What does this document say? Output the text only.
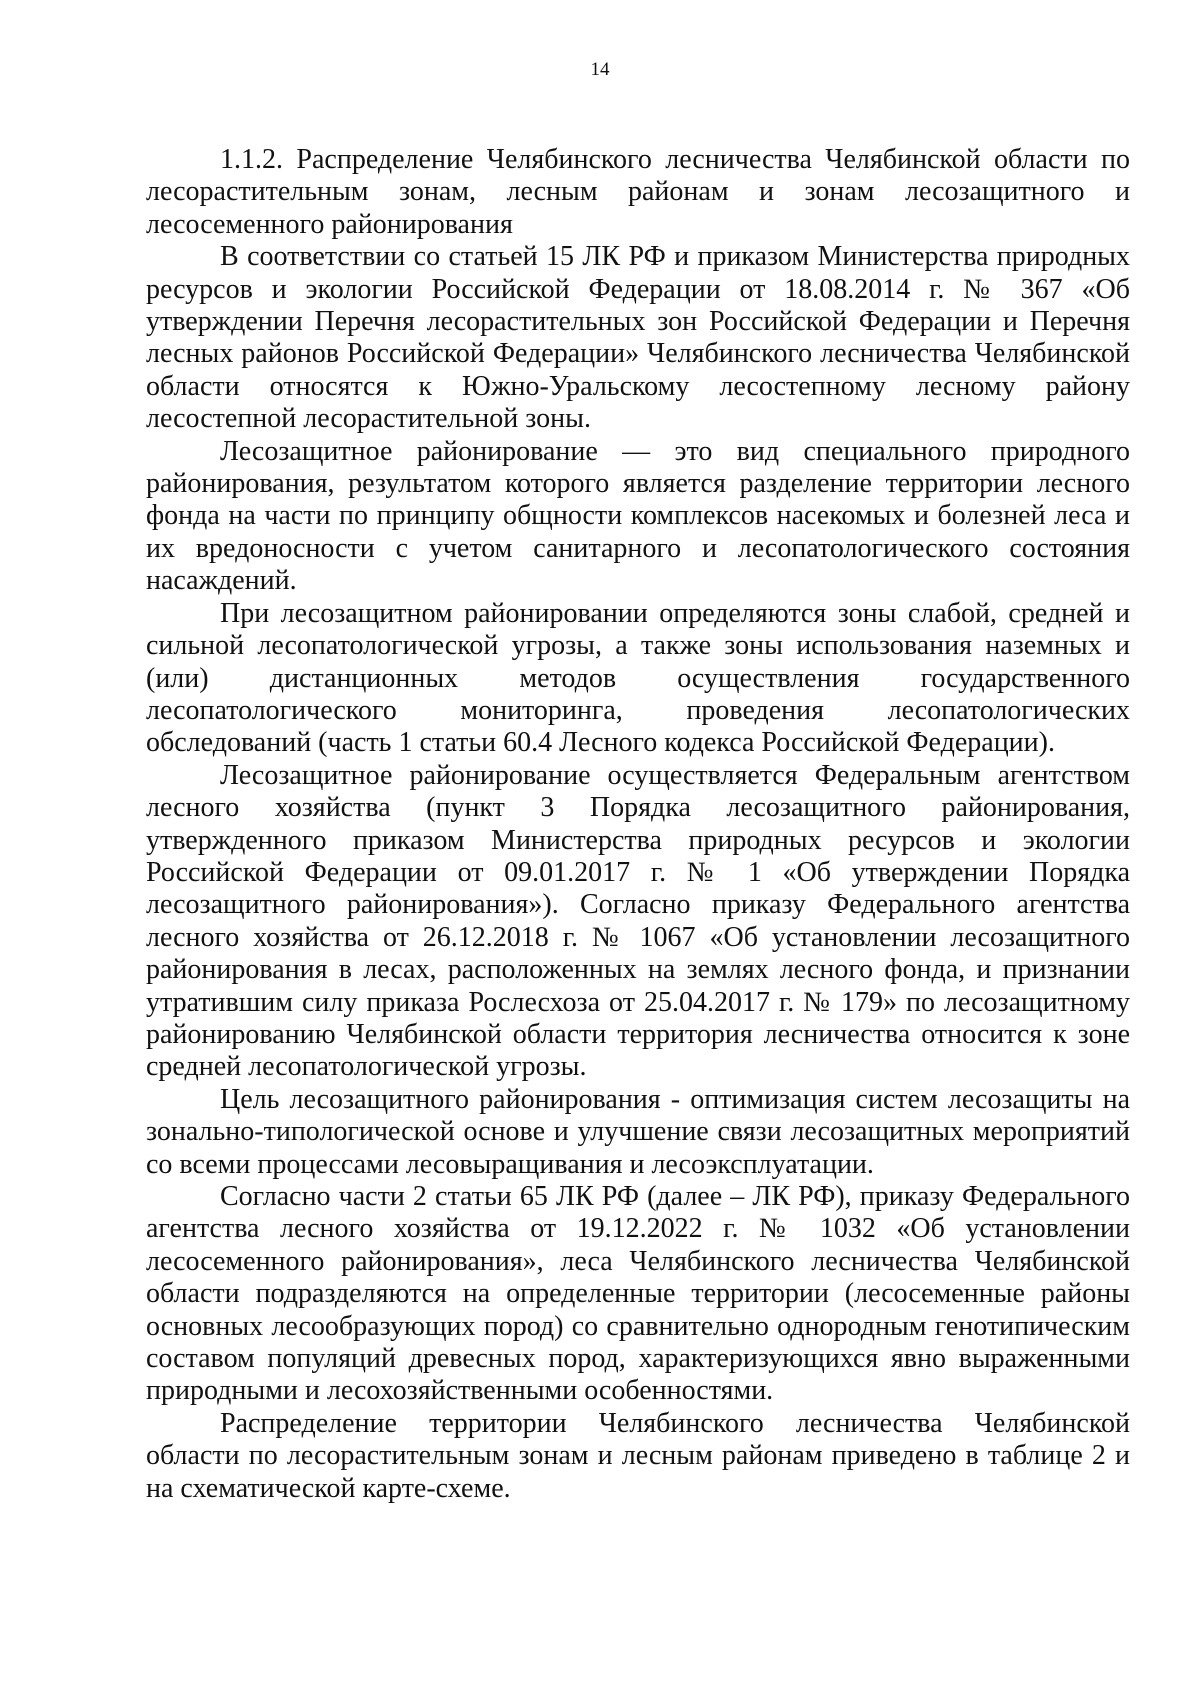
14

1.1.2. Распределение Челябинского лесничества Челябинской области по лесорастительным зонам, лесным районам и зонам лесозащитного и лесосеменного районирования

В соответствии со статьей 15 ЛК РФ и приказом Министерства природных ресурсов и экологии Российской Федерации от 18.08.2014 г. № 367 «Об утверждении Перечня лесорастительных зон Российской Федерации и Перечня лесных районов Российской Федерации» Челябинского лесничества Челябинской области относятся к Южно-Уральскому лесостепному лесному району лесостепной лесорастительной зоны.

Лесозащитное районирование — это вид специального природного районирования, результатом которого является разделение территории лесного фонда на части по принципу общности комплексов насекомых и болезней леса и их вредоносности с учетом санитарного и лесопатологического состояния насаждений.

При лесозащитном районировании определяются зоны слабой, средней и сильной лесопатологической угрозы, а также зоны использования наземных и (или) дистанционных методов осуществления государственного лесопатологического мониторинга, проведения лесопатологических обследований (часть 1 статьи 60.4 Лесного кодекса Российской Федерации).

Лесозащитное районирование осуществляется Федеральным агентством лесного хозяйства (пункт 3 Порядка лесозащитного районирования, утвержденного приказом Министерства природных ресурсов и экологии Российской Федерации от 09.01.2017 г. № 1 «Об утверждении Порядка лесозащитного районирования»). Согласно приказу Федерального агентства лесного хозяйства от 26.12.2018 г. № 1067 «Об установлении лесозащитного районирования в лесах, расположенных на землях лесного фонда, и признании утратившим силу приказа Рослесхоза от 25.04.2017 г. № 179» по лесозащитному районированию Челябинской области территория лесничества относится к зоне средней лесопатологической угрозы.

Цель лесозащитного районирования - оптимизация систем лесозащиты на зонально-типологической основе и улучшение связи лесозащитных мероприятий со всеми процессами лесовыращивания и лесоэксплуатации.

Согласно части 2 статьи 65 ЛК РФ (далее – ЛК РФ), приказу Федерального агентства лесного хозяйства от 19.12.2022 г. № 1032 «Об установлении лесосеменного районирования», леса Челябинского лесничества Челябинской области подразделяются на определенные территории (лесосеменные районы основных лесообразующих пород) со сравнительно однородным генотипическим составом популяций древесных пород, характеризующихся явно выраженными природными и лесохозяйственными особенностями.

Распределение территории Челябинского лесничества Челябинской области по лесорастительным зонам и лесным районам приведено в таблице 2 и на схематической карте-схеме.
